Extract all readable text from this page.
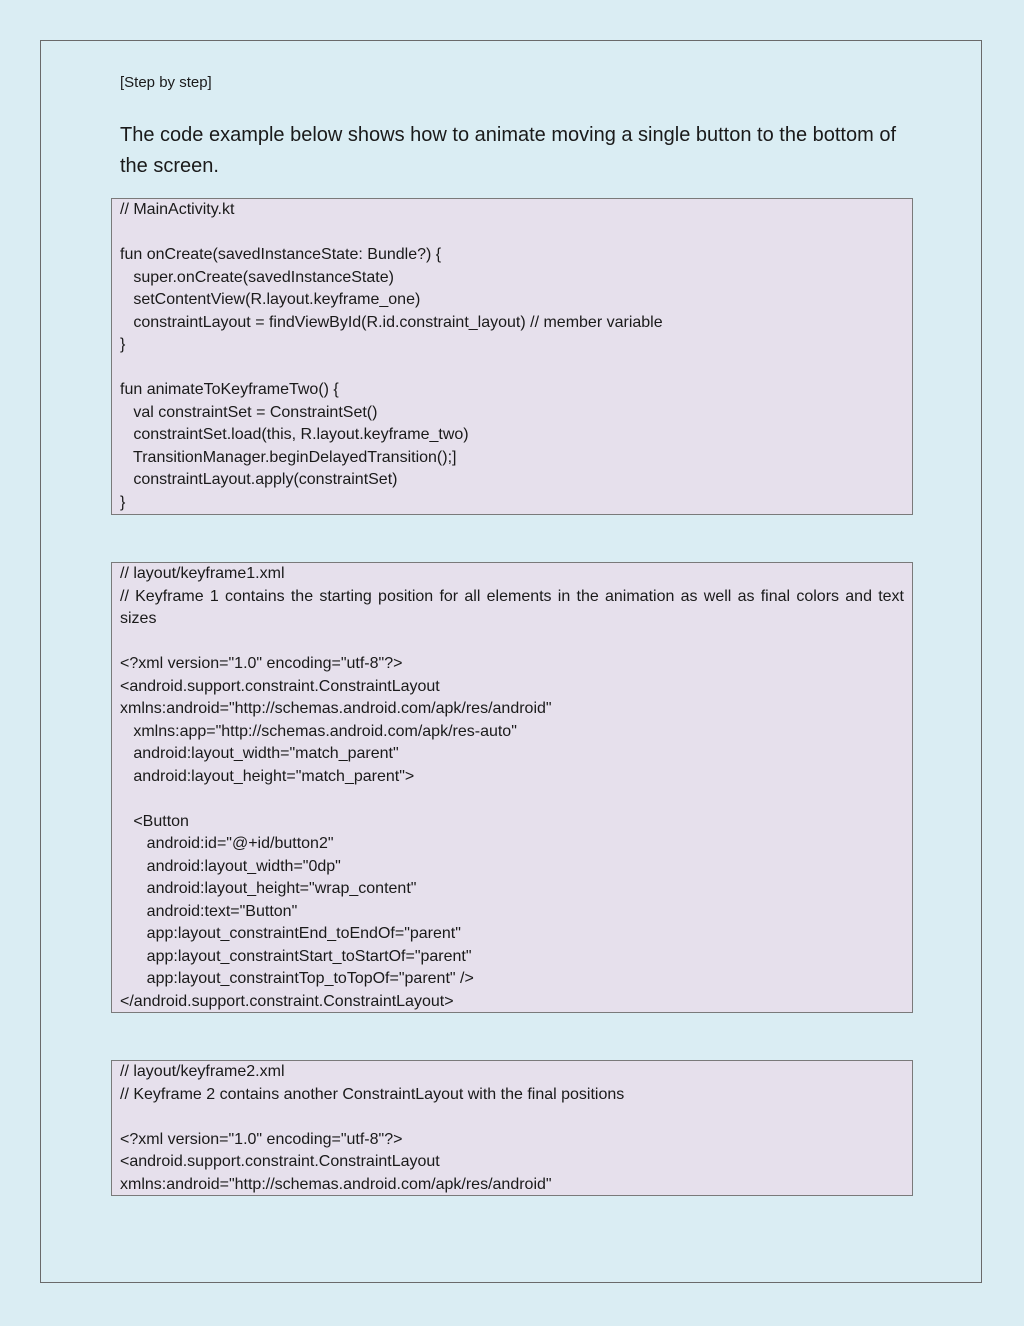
[Step by step]
The code example below shows how to animate moving a single button to the bottom of the screen.
// MainActivity.kt
fun onCreate(savedInstanceState: Bundle?) {
super.onCreate(savedInstanceState)
setContentView(R.layout.keyframe_one)
constraintLayout = findViewById(R.id.constraint_layout) // member variable
}
fun animateToKeyframeTwo() {
val constraintSet = ConstraintSet()
constraintSet.load(this, R.layout.keyframe_two)
TransitionManager.beginDelayedTransition();]
constraintLayout.apply(constraintSet)
}
// layout/keyframe1.xml
// Keyframe 1 contains the starting position for all elements in the animation as well as final colors and text sizes
<?xml version="1.0" encoding="utf-8"?>
<android.support.constraint.ConstraintLayout
xmlns:android="http://schemas.android.com/apk/res/android"
xmlns:app="http://schemas.android.com/apk/res-auto"
android:layout_width="match_parent"
android:layout_height="match_parent">
<Button
android:id="@+id/button2"
android:layout_width="0dp"
android:layout_height="wrap_content"
android:text="Button"
app:layout_constraintEnd_toEndOf="parent"
app:layout_constraintStart_toStartOf="parent"
app:layout_constraintTop_toTopOf="parent" />
</android.support.constraint.ConstraintLayout>
// layout/keyframe2.xml
// Keyframe 2 contains another ConstraintLayout with the final positions
<?xml version="1.0" encoding="utf-8"?>
<android.support.constraint.ConstraintLayout
xmlns:android="http://schemas.android.com/apk/res/android"
